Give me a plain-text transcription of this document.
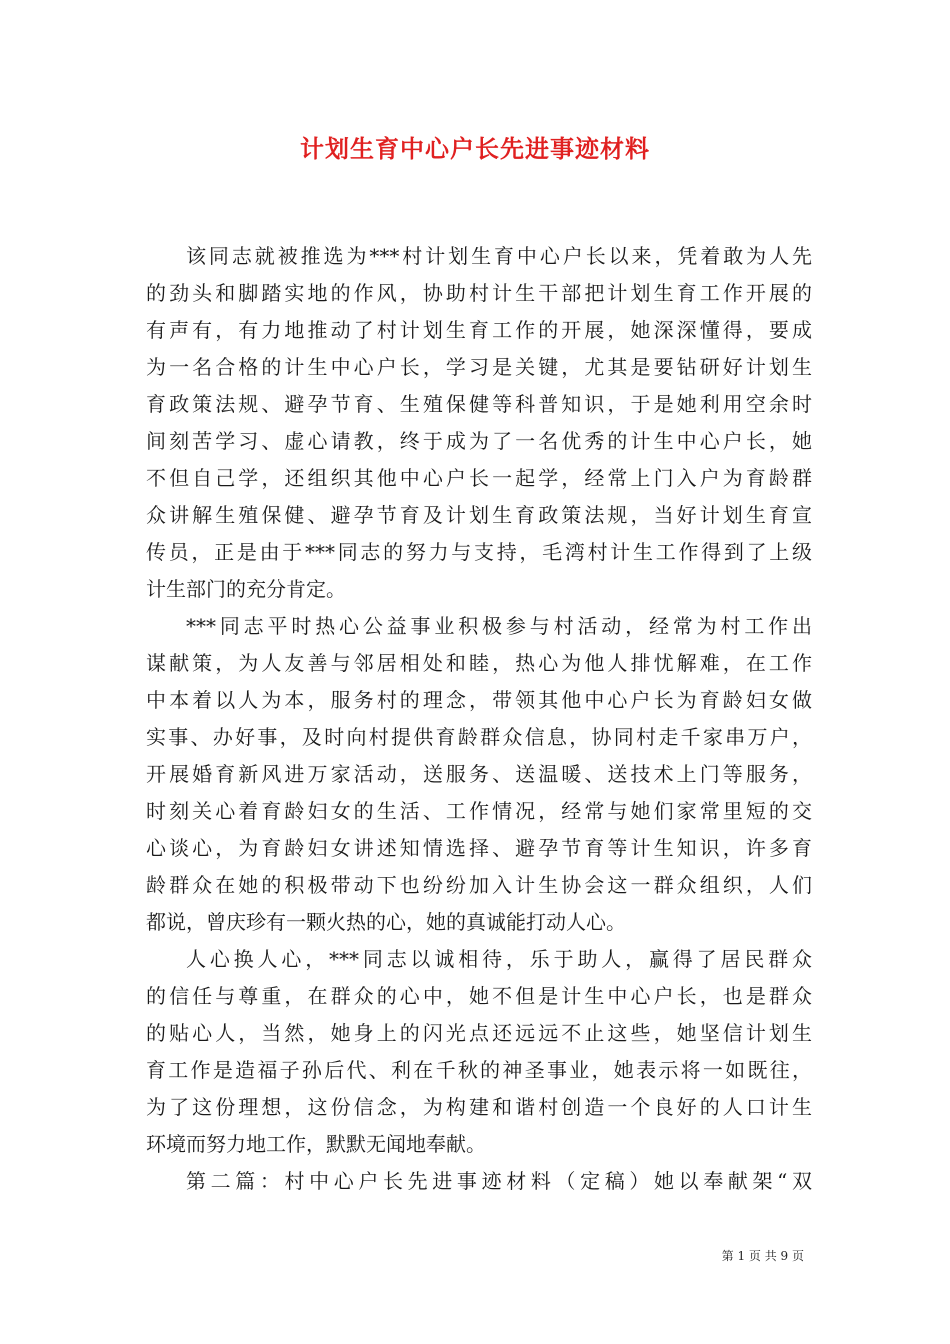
计划生育中心户长先进事迹材料
该同志就被推选为***村计划生育中心户长以来，凭着敢为人先
的劲头和脚踏实地的作风，协助村计生干部把计划生育工作开展的
有声有，有力地推动了村计划生育工作的开展，她深深懂得，要成
为一名合格的计生中心户长，学习是关键，尤其是要钻研好计划生
育政策法规、避孕节育、生殖保健等科普知识，于是她利用空余时
间刻苦学习、虚心请教，终于成为了一名优秀的计生中心户长，她
不但自己学，还组织其他中心户长一起学，经常上门入户为育龄群
众讲解生殖保健、避孕节育及计划生育政策法规，当好计划生育宣
传员，正是由于***同志的努力与支持，毛湾村计生工作得到了上级
计生部门的充分肯定。
***同志平时热心公益事业积极参与村活动，经常为村工作出
谋献策，为人友善与邻居相处和睦，热心为他人排忧解难，在工作
中本着以人为本，服务村的理念，带领其他中心户长为育龄妇女做
实事、办好事，及时向村提供育龄群众信息，协同村走千家串万户，
开展婚育新风进万家活动，送服务、送温暖、送技术上门等服务，
时刻关心着育龄妇女的生活、工作情况，经常与她们家常里短的交
心谈心，为育龄妇女讲述知情选择、避孕节育等计生知识，许多育
龄群众在她的积极带动下也纷纷加入计生协会这一群众组织，人们
都说，曾庆珍有一颗火热的心，她的真诚能打动人心。
人心换人心，***同志以诚相待，乐于助人，赢得了居民群众
的信任与尊重，在群众的心中，她不但是计生中心户长，也是群众
的贴心人，当然，她身上的闪光点还远远不止这些，她坚信计划生
育工作是造福子孙后代、利在千秋的神圣事业，她表示将一如既往，
为了这份理想，这份信念，为构建和谐村创造一个良好的人口计生
环境而努力地工作，默默无闻地奉献。
第二篇：村中心户长先进事迹材料（定稿）她以奉献架“双
第 1 页 共 9 页
